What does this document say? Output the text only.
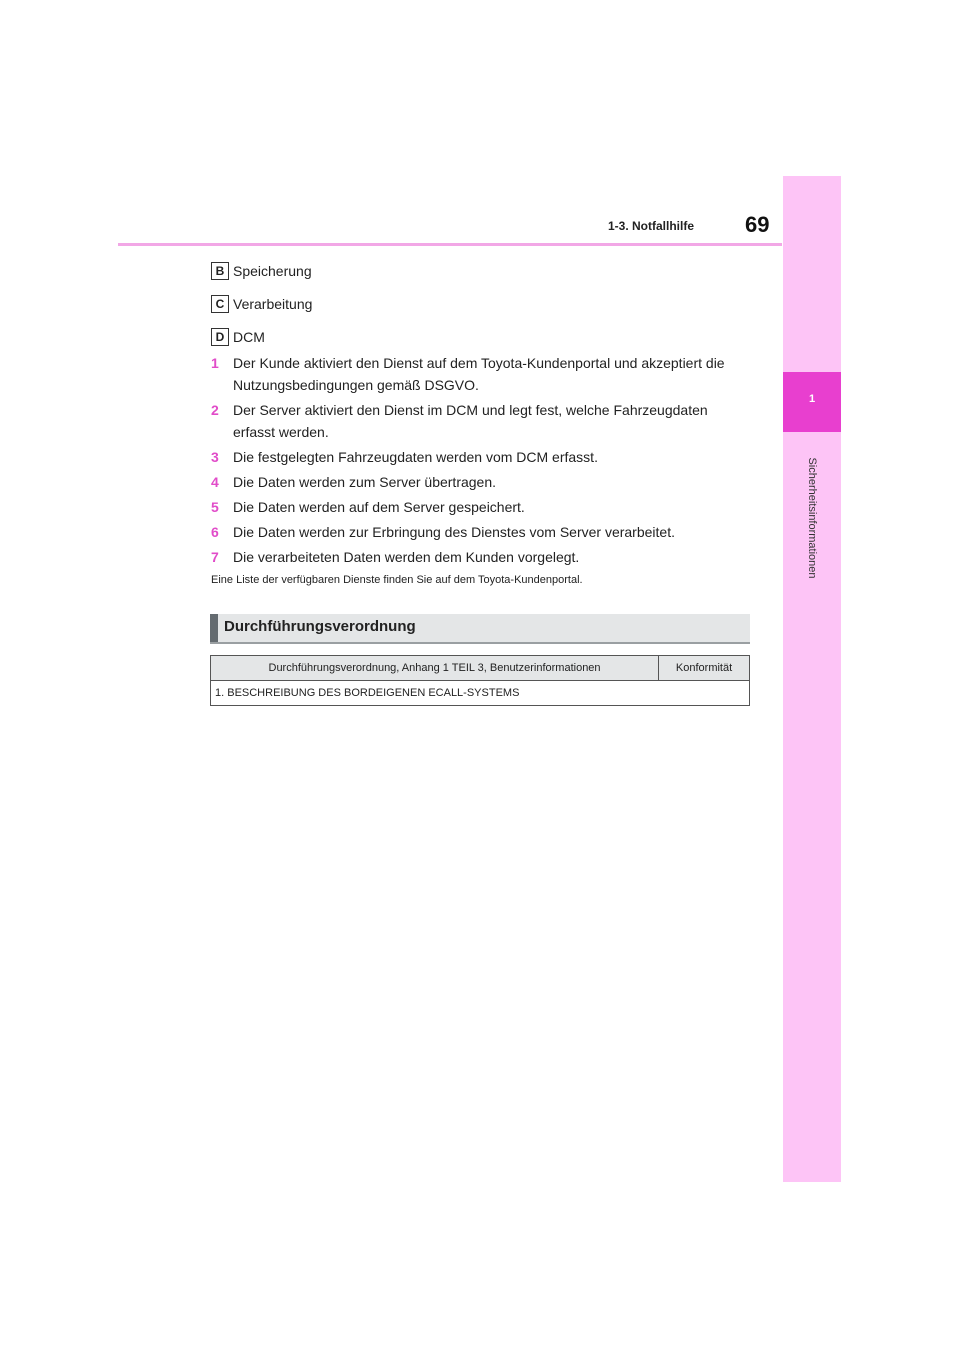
1-3. Notfallhilfe 69
1
Sicherheitsinformationen
B Speicherung
C Verarbeitung
D DCM
1 Der Kunde aktiviert den Dienst auf dem Toyota-Kundenportal und akzeptiert die Nutzungsbedingungen gemäß DSGVO.
2 Der Server aktiviert den Dienst im DCM und legt fest, welche Fahrzeugdaten erfasst werden.
3 Die festgelegten Fahrzeugdaten werden vom DCM erfasst.
4 Die Daten werden zum Server übertragen.
5 Die Daten werden auf dem Server gespeichert.
6 Die Daten werden zur Erbringung des Dienstes vom Server verarbeitet.
7 Die verarbeiteten Daten werden dem Kunden vorgelegt.
Eine Liste der verfügbaren Dienste finden Sie auf dem Toyota-Kundenportal.
Durchführungsverordnung
Durchführungsverordnung, Anhang 1 TEIL 3, Benutzerinformationen	Konformität
1. BESCHREIBUNG DES BORDEIGENEN ECALL-SYSTEMS
